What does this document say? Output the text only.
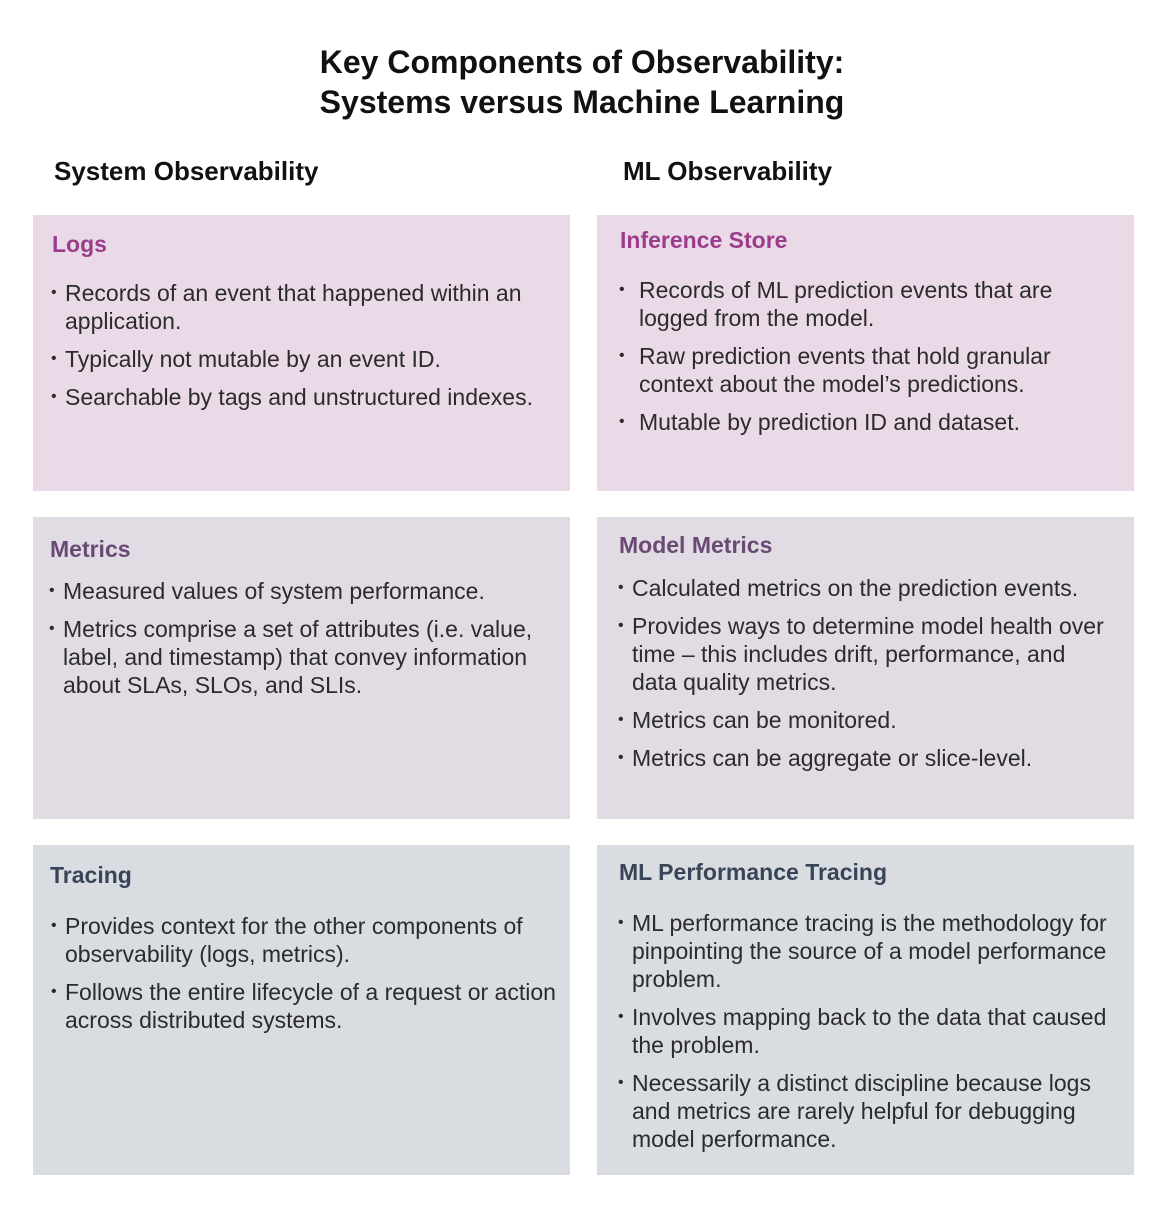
Key Components of Observability:
Systems versus Machine Learning
System Observability	ML Observability
Logs
• Records of an event that happened within an application.
• Typically not mutable by an event ID.
• Searchable by tags and unstructured indexes.
Inference Store
• Records of ML prediction events that are logged from the model.
• Raw prediction events that hold granular context about the model’s predictions.
• Mutable by prediction ID and dataset.
Metrics
• Measured values of system performance.
• Metrics comprise a set of attributes (i.e. value, label, and timestamp) that convey information about SLAs, SLOs, and SLIs.
Model Metrics
• Calculated metrics on the prediction events.
• Provides ways to determine model health over time – this includes drift, performance, and data quality metrics.
• Metrics can be monitored.
• Metrics can be aggregate or slice-level.
Tracing
• Provides context for the other components of observability (logs, metrics).
• Follows the entire lifecycle of a request or action across distributed systems.
ML Performance Tracing
• ML performance tracing is the methodology for pinpointing the source of a model performance problem.
• Involves mapping back to the data that caused the problem.
• Necessarily a distinct discipline because logs and metrics are rarely helpful for debugging model performance.
